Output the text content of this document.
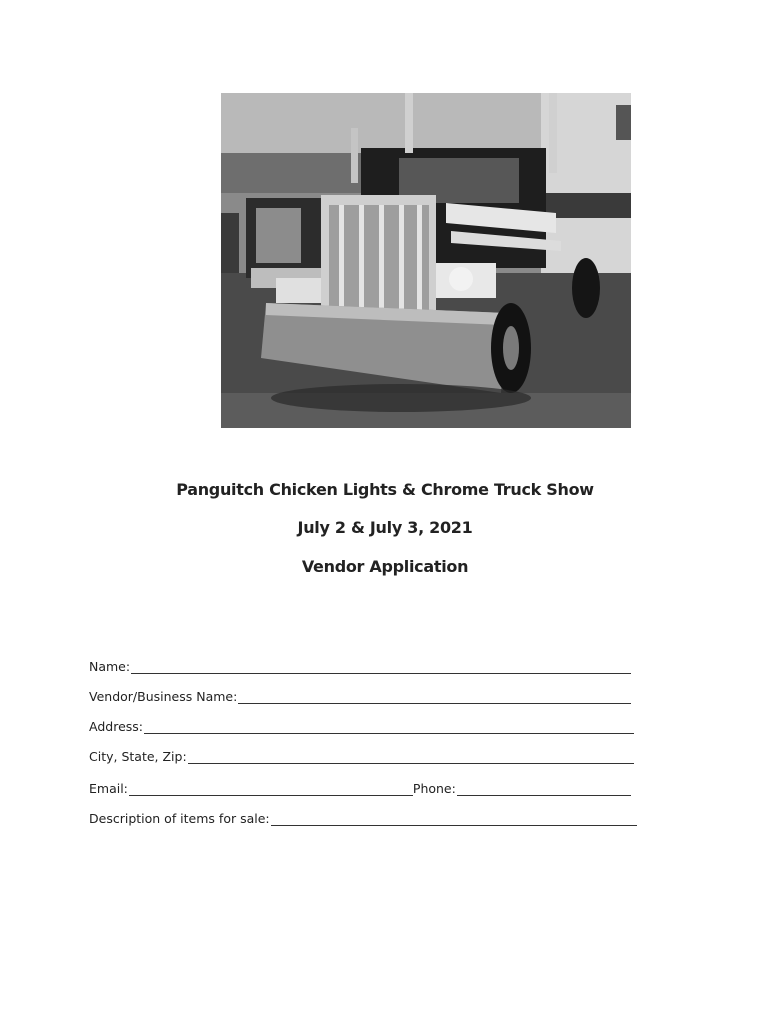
Panguitch Chicken Lights & Chrome Truck Show
July 2 & July 3, 2021
Vendor Application
Name:
Vendor/Business Name:
Address:
City, State, Zip:
Email:	Phone:
Description of items for sale:
